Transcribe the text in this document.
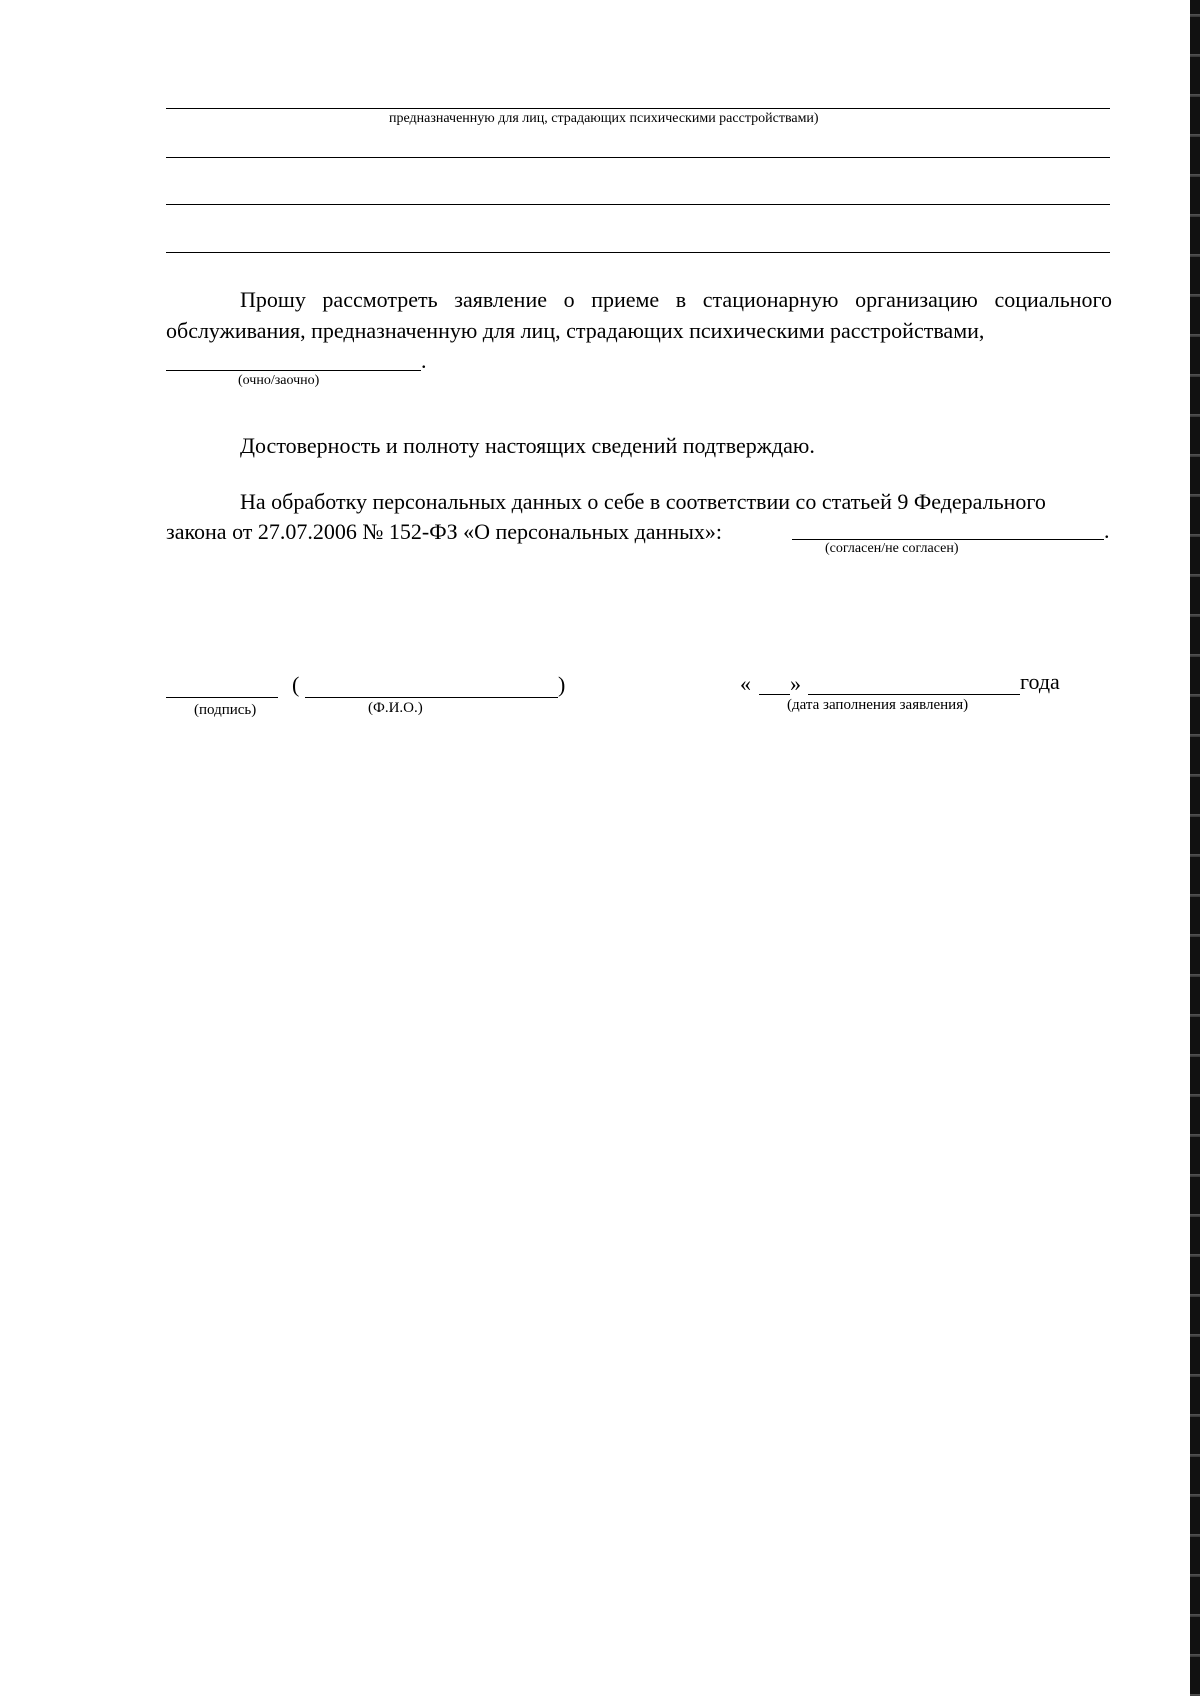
предназначенную для лиц, страдающих психическими расстройствами)
Прошу рассмотреть заявление о приеме в стационарную организацию социального обслуживания, предназначенную для лиц, страдающих психическими расстройствами,
.
(очно/заочно)
Достоверность и полноту настоящих сведений подтверждаю.
На обработку персональных данных о себе в соответствии со статьей 9 Федерального
закона от 27.07.2006 № 152-ФЗ «О персональных данных»:	.
(согласен/не согласен)
(подпись)
(	)
(Ф.И.О.)
« »	года
(дата заполнения заявления)
